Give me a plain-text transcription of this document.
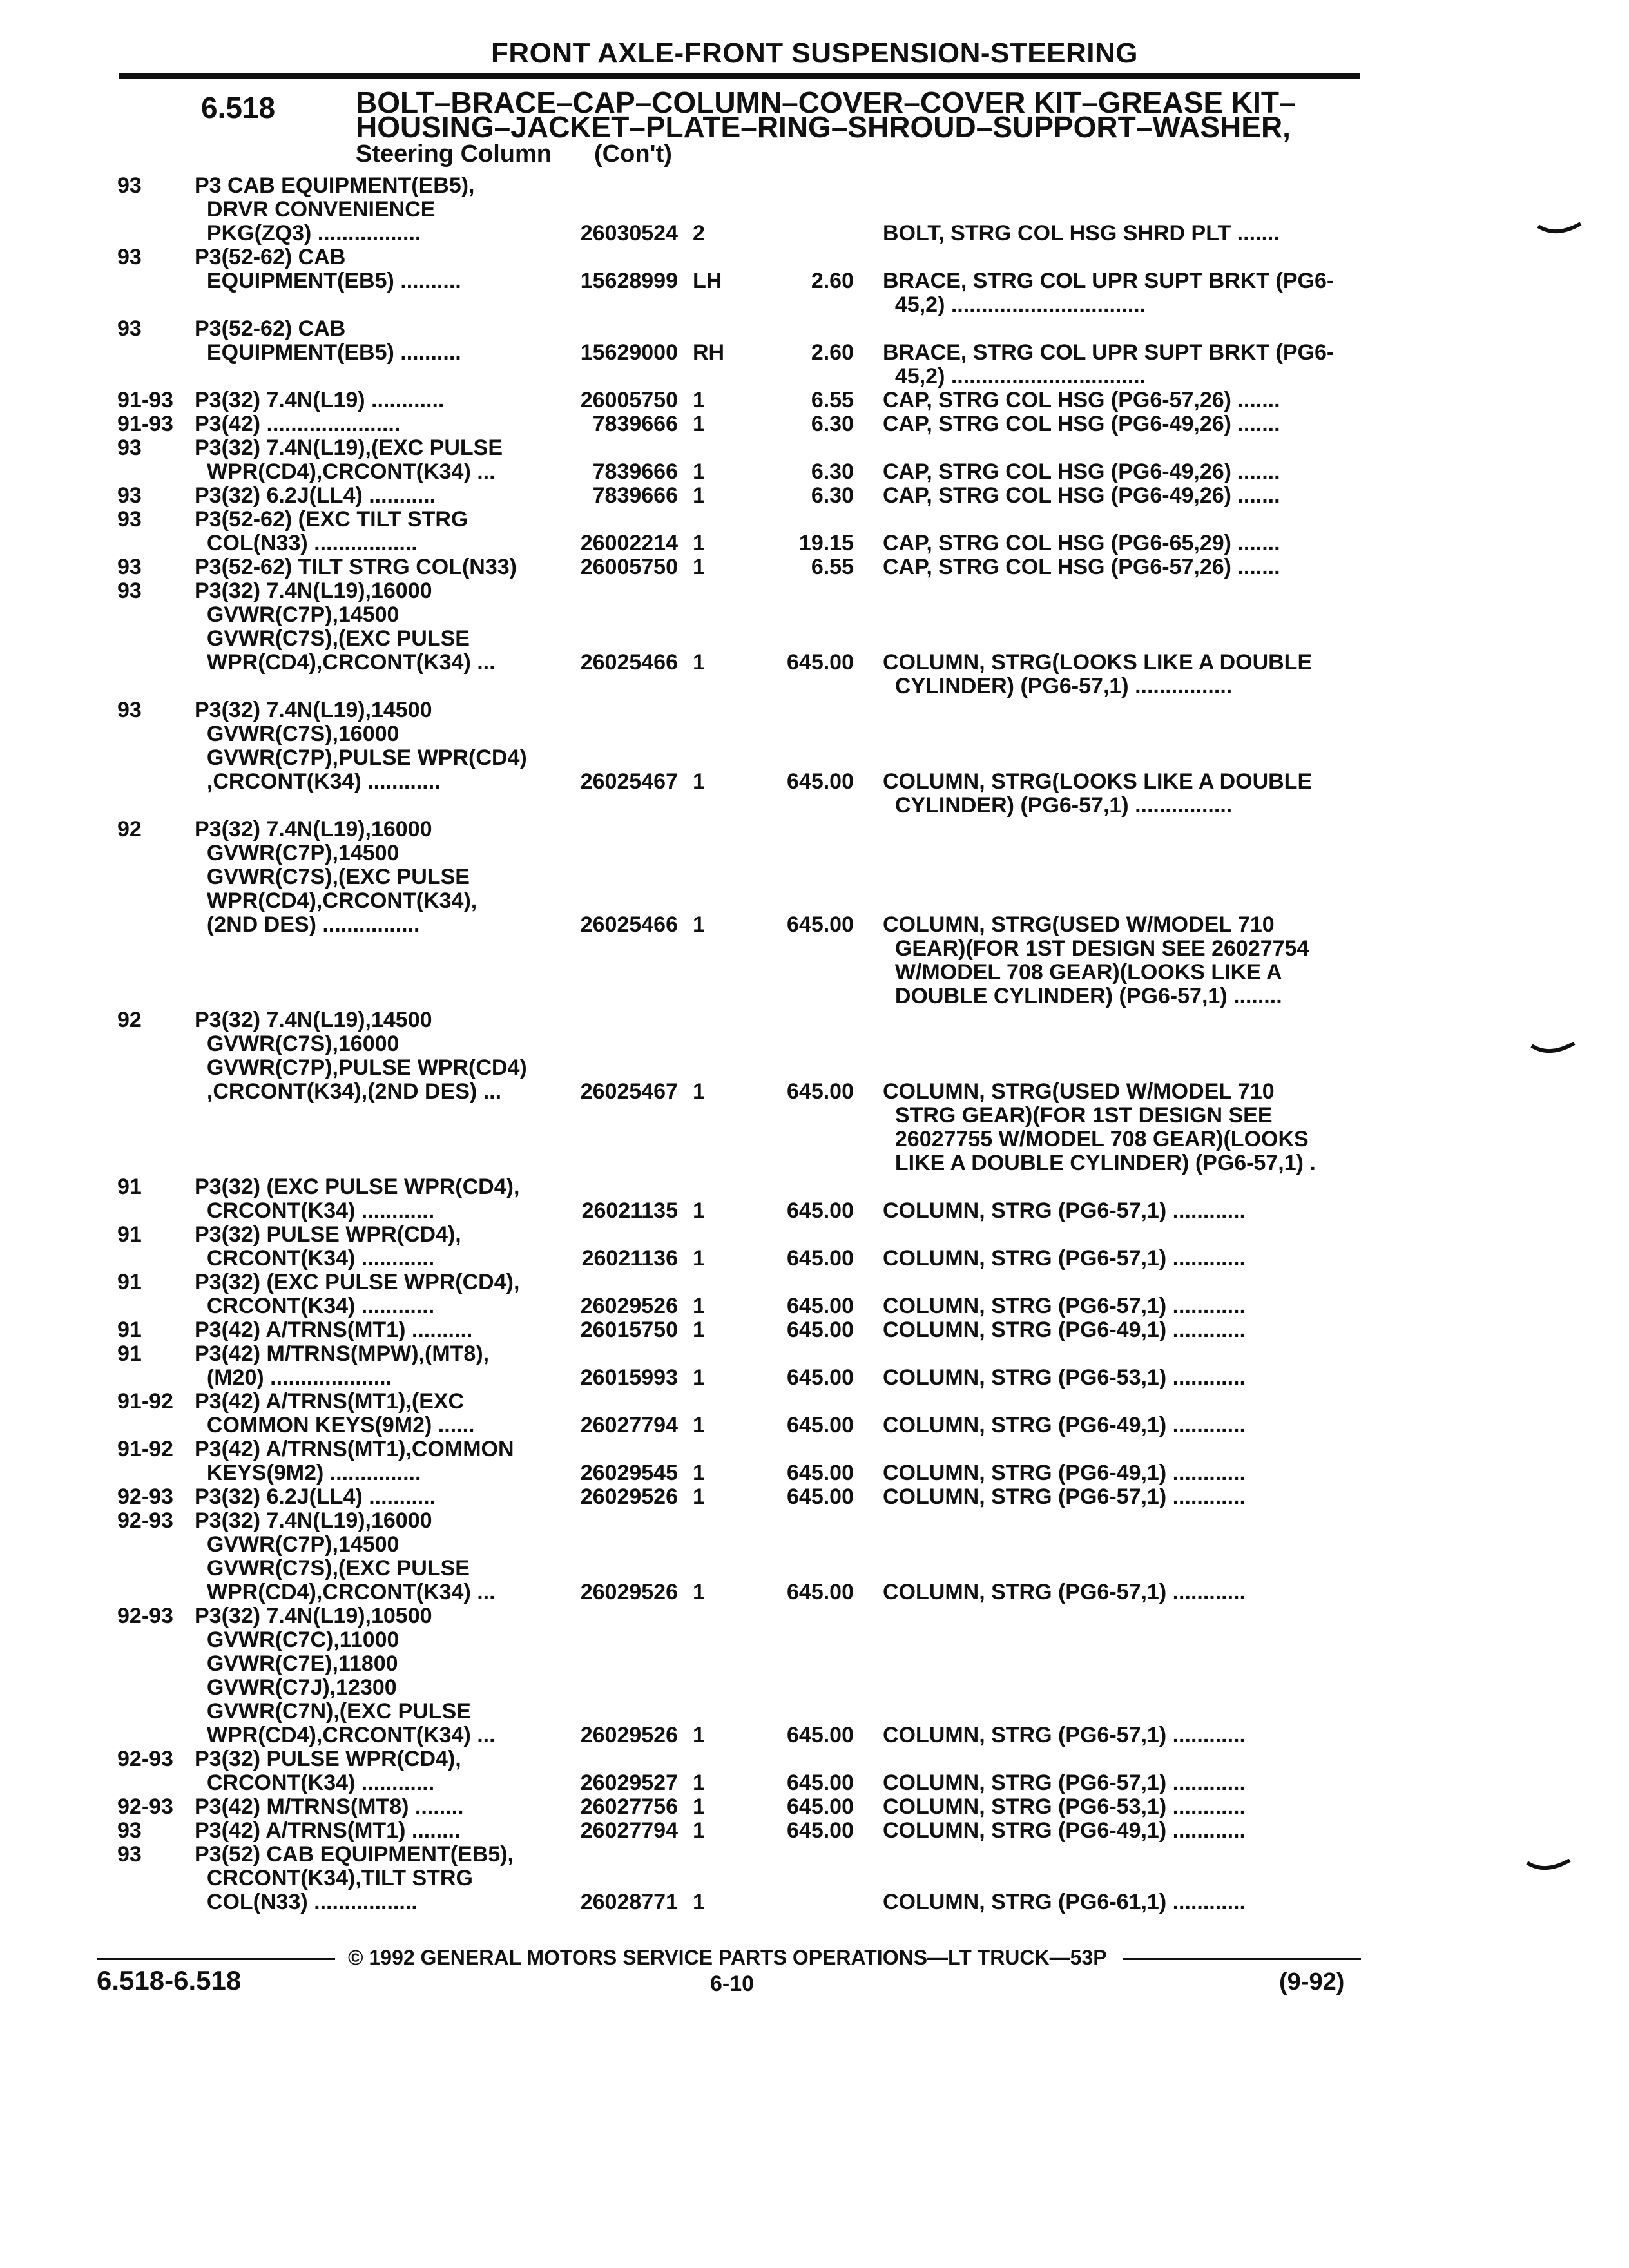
FRONT AXLE-FRONT SUSPENSION-STEERING
6.518	BOLT–BRACE–CAP–COLUMN–COVER–COVER KIT–GREASE KIT–HOUSING–JACKET–PLATE–RING–SHROUD–SUPPORT–WASHER,
Steering Column (Con't)
93	P3 CAB EQUIPMENT(EB5),
DRVR CONVENIENCE
PKG(ZQ3) .................	26030524 2	BOLT, STRG COL HSG SHRD PLT .......
93	P3(52-62) CAB
EQUIPMENT(EB5) ..........	15628999 LH	2.60 BRACE, STRG COL UPR SUPT BRKT (PG6-
45,2) ................................
93	P3(52-62) CAB
EQUIPMENT(EB5) ..........	15629000 RH	2.60 BRACE, STRG COL UPR SUPT BRKT (PG6-
45,2) ................................
91-93 P3(32) 7.4N(L19) ............	26005750 1	6.55 CAP, STRG COL HSG (PG6-57,26) .......
91-93 P3(42) ......................	7839666 1	6.30 CAP, STRG COL HSG (PG6-49,26) .......
93	P3(32) 7.4N(L19),(EXC PULSE
WPR(CD4),CRCONT(K34) ...	7839666 1	6.30 CAP, STRG COL HSG (PG6-49,26) .......
93	P3(32) 6.2J(LL4) ...........	7839666 1	6.30 CAP, STRG COL HSG (PG6-49,26) .......
93	P3(52-62) (EXC TILT STRG
COL(N33) .................	26002214 1	19.15 CAP, STRG COL HSG (PG6-65,29) .......
93	P3(52-62) TILT STRG COL(N33)	26005750 1	6.55 CAP, STRG COL HSG (PG6-57,26) .......
93	P3(32) 7.4N(L19),16000
GVWR(C7P),14500
GVWR(C7S),(EXC PULSE
WPR(CD4),CRCONT(K34) ...	26025466 1	645.00 COLUMN, STRG(LOOKS LIKE A DOUBLE
CYLINDER) (PG6-57,1) ................
93	P3(32) 7.4N(L19),14500
GVWR(C7S),16000
GVWR(C7P),PULSE WPR(CD4)
,CRCONT(K34) ............	26025467 1	645.00 COLUMN, STRG(LOOKS LIKE A DOUBLE
CYLINDER) (PG6-57,1) ................
92	P3(32) 7.4N(L19),16000
GVWR(C7P),14500
GVWR(C7S),(EXC PULSE
WPR(CD4),CRCONT(K34),
(2ND DES) ................	26025466 1	645.00 COLUMN, STRG(USED W/MODEL 710
GEAR)(FOR 1ST DESIGN SEE 26027754
W/MODEL 708 GEAR)(LOOKS LIKE A
DOUBLE CYLINDER) (PG6-57,1) ........
92	P3(32) 7.4N(L19),14500
GVWR(C7S),16000
GVWR(C7P),PULSE WPR(CD4)
,CRCONT(K34),(2ND DES) ...	26025467 1	645.00 COLUMN, STRG(USED W/MODEL 710
STRG GEAR)(FOR 1ST DESIGN SEE
26027755 W/MODEL 708 GEAR)(LOOKS
LIKE A DOUBLE CYLINDER) (PG6-57,1) .
91	P3(32) (EXC PULSE WPR(CD4),
CRCONT(K34) ............	26021135 1	645.00 COLUMN, STRG (PG6-57,1) ............
91	P3(32) PULSE WPR(CD4),
CRCONT(K34) ............	26021136 1	645.00 COLUMN, STRG (PG6-57,1) ............
91	P3(32) (EXC PULSE WPR(CD4),
CRCONT(K34) ............	26029526 1	645.00 COLUMN, STRG (PG6-57,1) ............
91	P3(42) A/TRNS(MT1) ..........	26015750 1	645.00 COLUMN, STRG (PG6-49,1) ............
91	P3(42) M/TRNS(MPW),(MT8),
(M20) ....................	26015993 1	645.00 COLUMN, STRG (PG6-53,1) ............
91-92 P3(42) A/TRNS(MT1),(EXC
COMMON KEYS(9M2) ......	26027794 1	645.00 COLUMN, STRG (PG6-49,1) ............
91-92 P3(42) A/TRNS(MT1),COMMON
KEYS(9M2) ...............	26029545 1	645.00 COLUMN, STRG (PG6-49,1) ............
92-93 P3(32) 6.2J(LL4) ...........	26029526 1	645.00 COLUMN, STRG (PG6-57,1) ............
92-93 P3(32) 7.4N(L19),16000
GVWR(C7P),14500
GVWR(C7S),(EXC PULSE
WPR(CD4),CRCONT(K34) ...	26029526 1	645.00 COLUMN, STRG (PG6-57,1) ............
92-93 P3(32) 7.4N(L19),10500
GVWR(C7C),11000
GVWR(C7E),11800
GVWR(C7J),12300
GVWR(C7N),(EXC PULSE
WPR(CD4),CRCONT(K34) ...	26029526 1	645.00 COLUMN, STRG (PG6-57,1) ............
92-93 P3(32) PULSE WPR(CD4),
CRCONT(K34) ............	26029527 1	645.00 COLUMN, STRG (PG6-57,1) ............
92-93 P3(42) M/TRNS(MT8) ........	26027756 1	645.00 COLUMN, STRG (PG6-53,1) ............
93	P3(42) A/TRNS(MT1) ........	26027794 1	645.00 COLUMN, STRG (PG6-49,1) ............
93	P3(52) CAB EQUIPMENT(EB5),
CRCONT(K34),TILT STRG
COL(N33) .................	26028771 1	COLUMN, STRG (PG6-61,1) ............
© 1992 GENERAL MOTORS SERVICE PARTS OPERATIONS—LT TRUCK—53P
6.518-6.518	6-10	(9-92)
